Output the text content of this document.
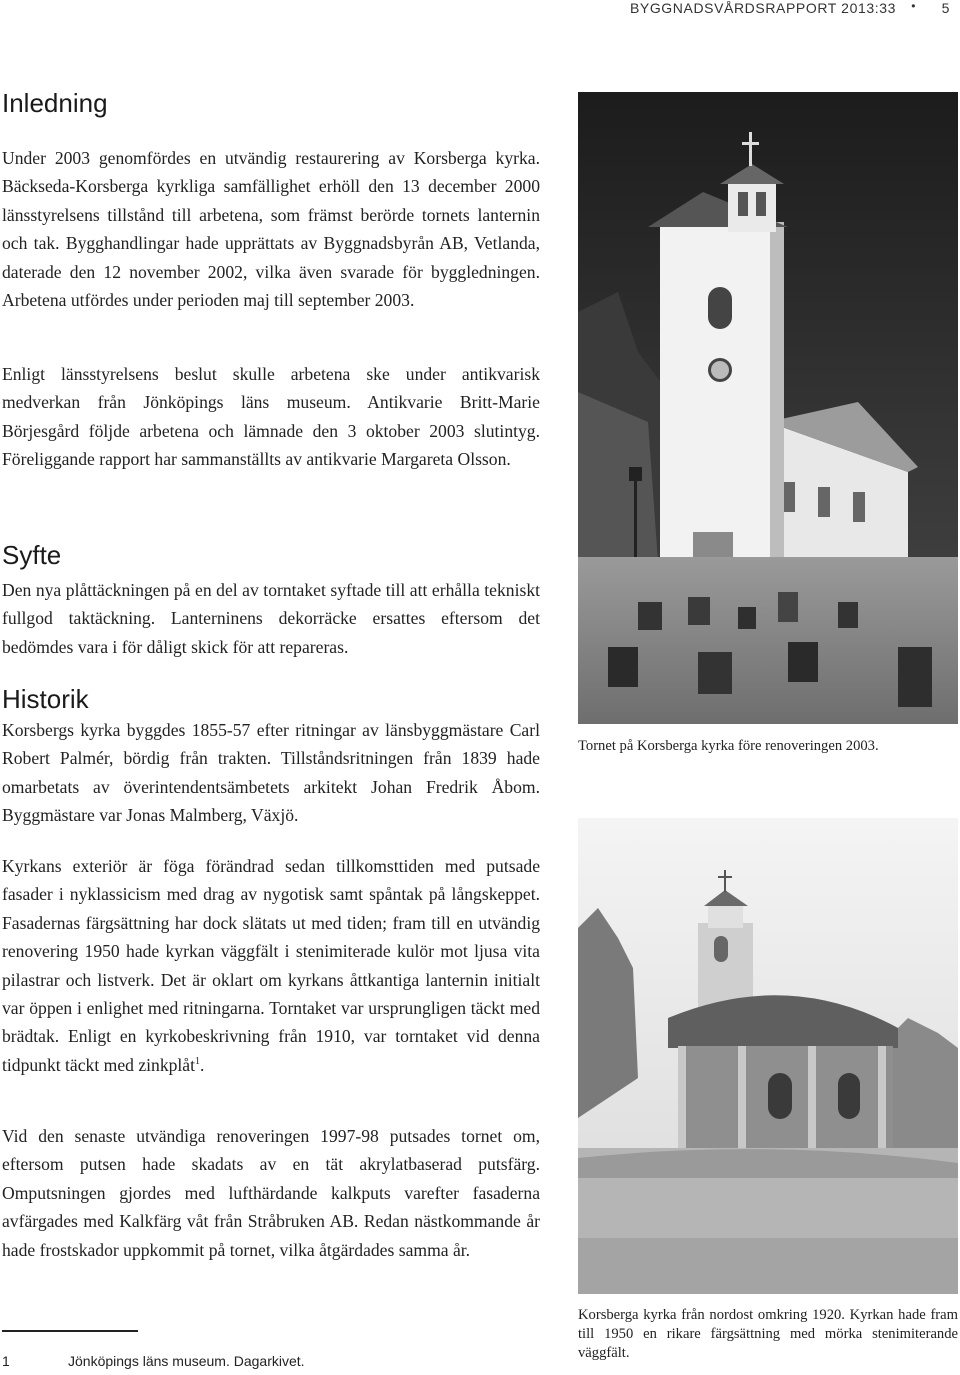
BYGGNADSVÅRDSRAPPORT 2013:33 • 5
Inledning

Under 2003 genomfördes en utvändig restaurering av Korsberga kyrka. Bäckseda-Korsberga kyrkliga samfällighet erhöll den 13 december 2000 länsstyrelsens tillstånd till arbetena, som främst berörde tornets lanternin och tak. Bygghandlingar hade upprättats av Byggnadsbyrån AB, Vetlanda, daterade den 12 november 2002, vilka även svarade för byggledningen. Arbetena utfördes under perioden maj till september 2003.

Enligt länsstyrelsens beslut skulle arbetena ske under antikvarisk medverkan från Jönköpings läns museum. Antikvarie Britt-Marie Börjesgård följde arbetena och lämnade den 3 oktober 2003 slutintyg. Föreliggande rapport har sammanställts av antikvarie Margareta Olsson.

Syfte

Den nya plåttäckningen på en del av torntaket syftade till att erhålla tekniskt fullgod taktäckning. Lanterninens dekorräcke ersattes eftersom det bedömdes vara i för dåligt skick för att repareras.

Historik

Korsbergs kyrka byggdes 1855-57 efter ritningar av länsbyggmästare Carl Robert Palmér, bördig från trakten. Tillståndsritningen från 1839 hade omarbetats av överintendentsämbetets arkitekt Johan Fredrik Åbom. Byggmästare var Jonas Malmberg, Växjö.

Kyrkans exteriör är föga förändrad sedan tillkomsttiden med putsade fasader i nyklassicism med drag av nygotisk samt spåntak på långskeppet. Fasadernas färgsättning har dock slätats ut med tiden; fram till en utvändig renovering 1950 hade kyrkan väggfält i stenimiterade kulör mot ljusa vita pilastrar och listverk. Det är oklart om kyrkans åttkantiga lanternin initialt var öppen i enlighet med ritningarna. Torntaket var ursprungligen täckt med brädtak. Enligt en kyrkobeskrivning från 1910, var torntaket vid denna tidpunkt täckt med zinkplåt$^1$.

Vid den senaste utvändiga renoveringen 1997-98 putsades tornet om, eftersom putsen hade skadats av en tät akrylatbaserad putsfärg. Omputsningen gjordes med lufthärdande kalkputs varefter fasaderna avfärgades med Kalkfärg våt från Stråbruken AB. Redan nästkommande år hade frostskador uppkommit på tornet, vilka åtgärdades samma år.

Tornet på Korsberga kyrka före renoveringen 2003.

Korsberga kyrka från nordost omkring 1920. Kyrkan hade fram till 1950 en rikare färgsättning med mörka stenimiterande väggfält.

1	Jönköpings läns museum. Dagarkivet.
